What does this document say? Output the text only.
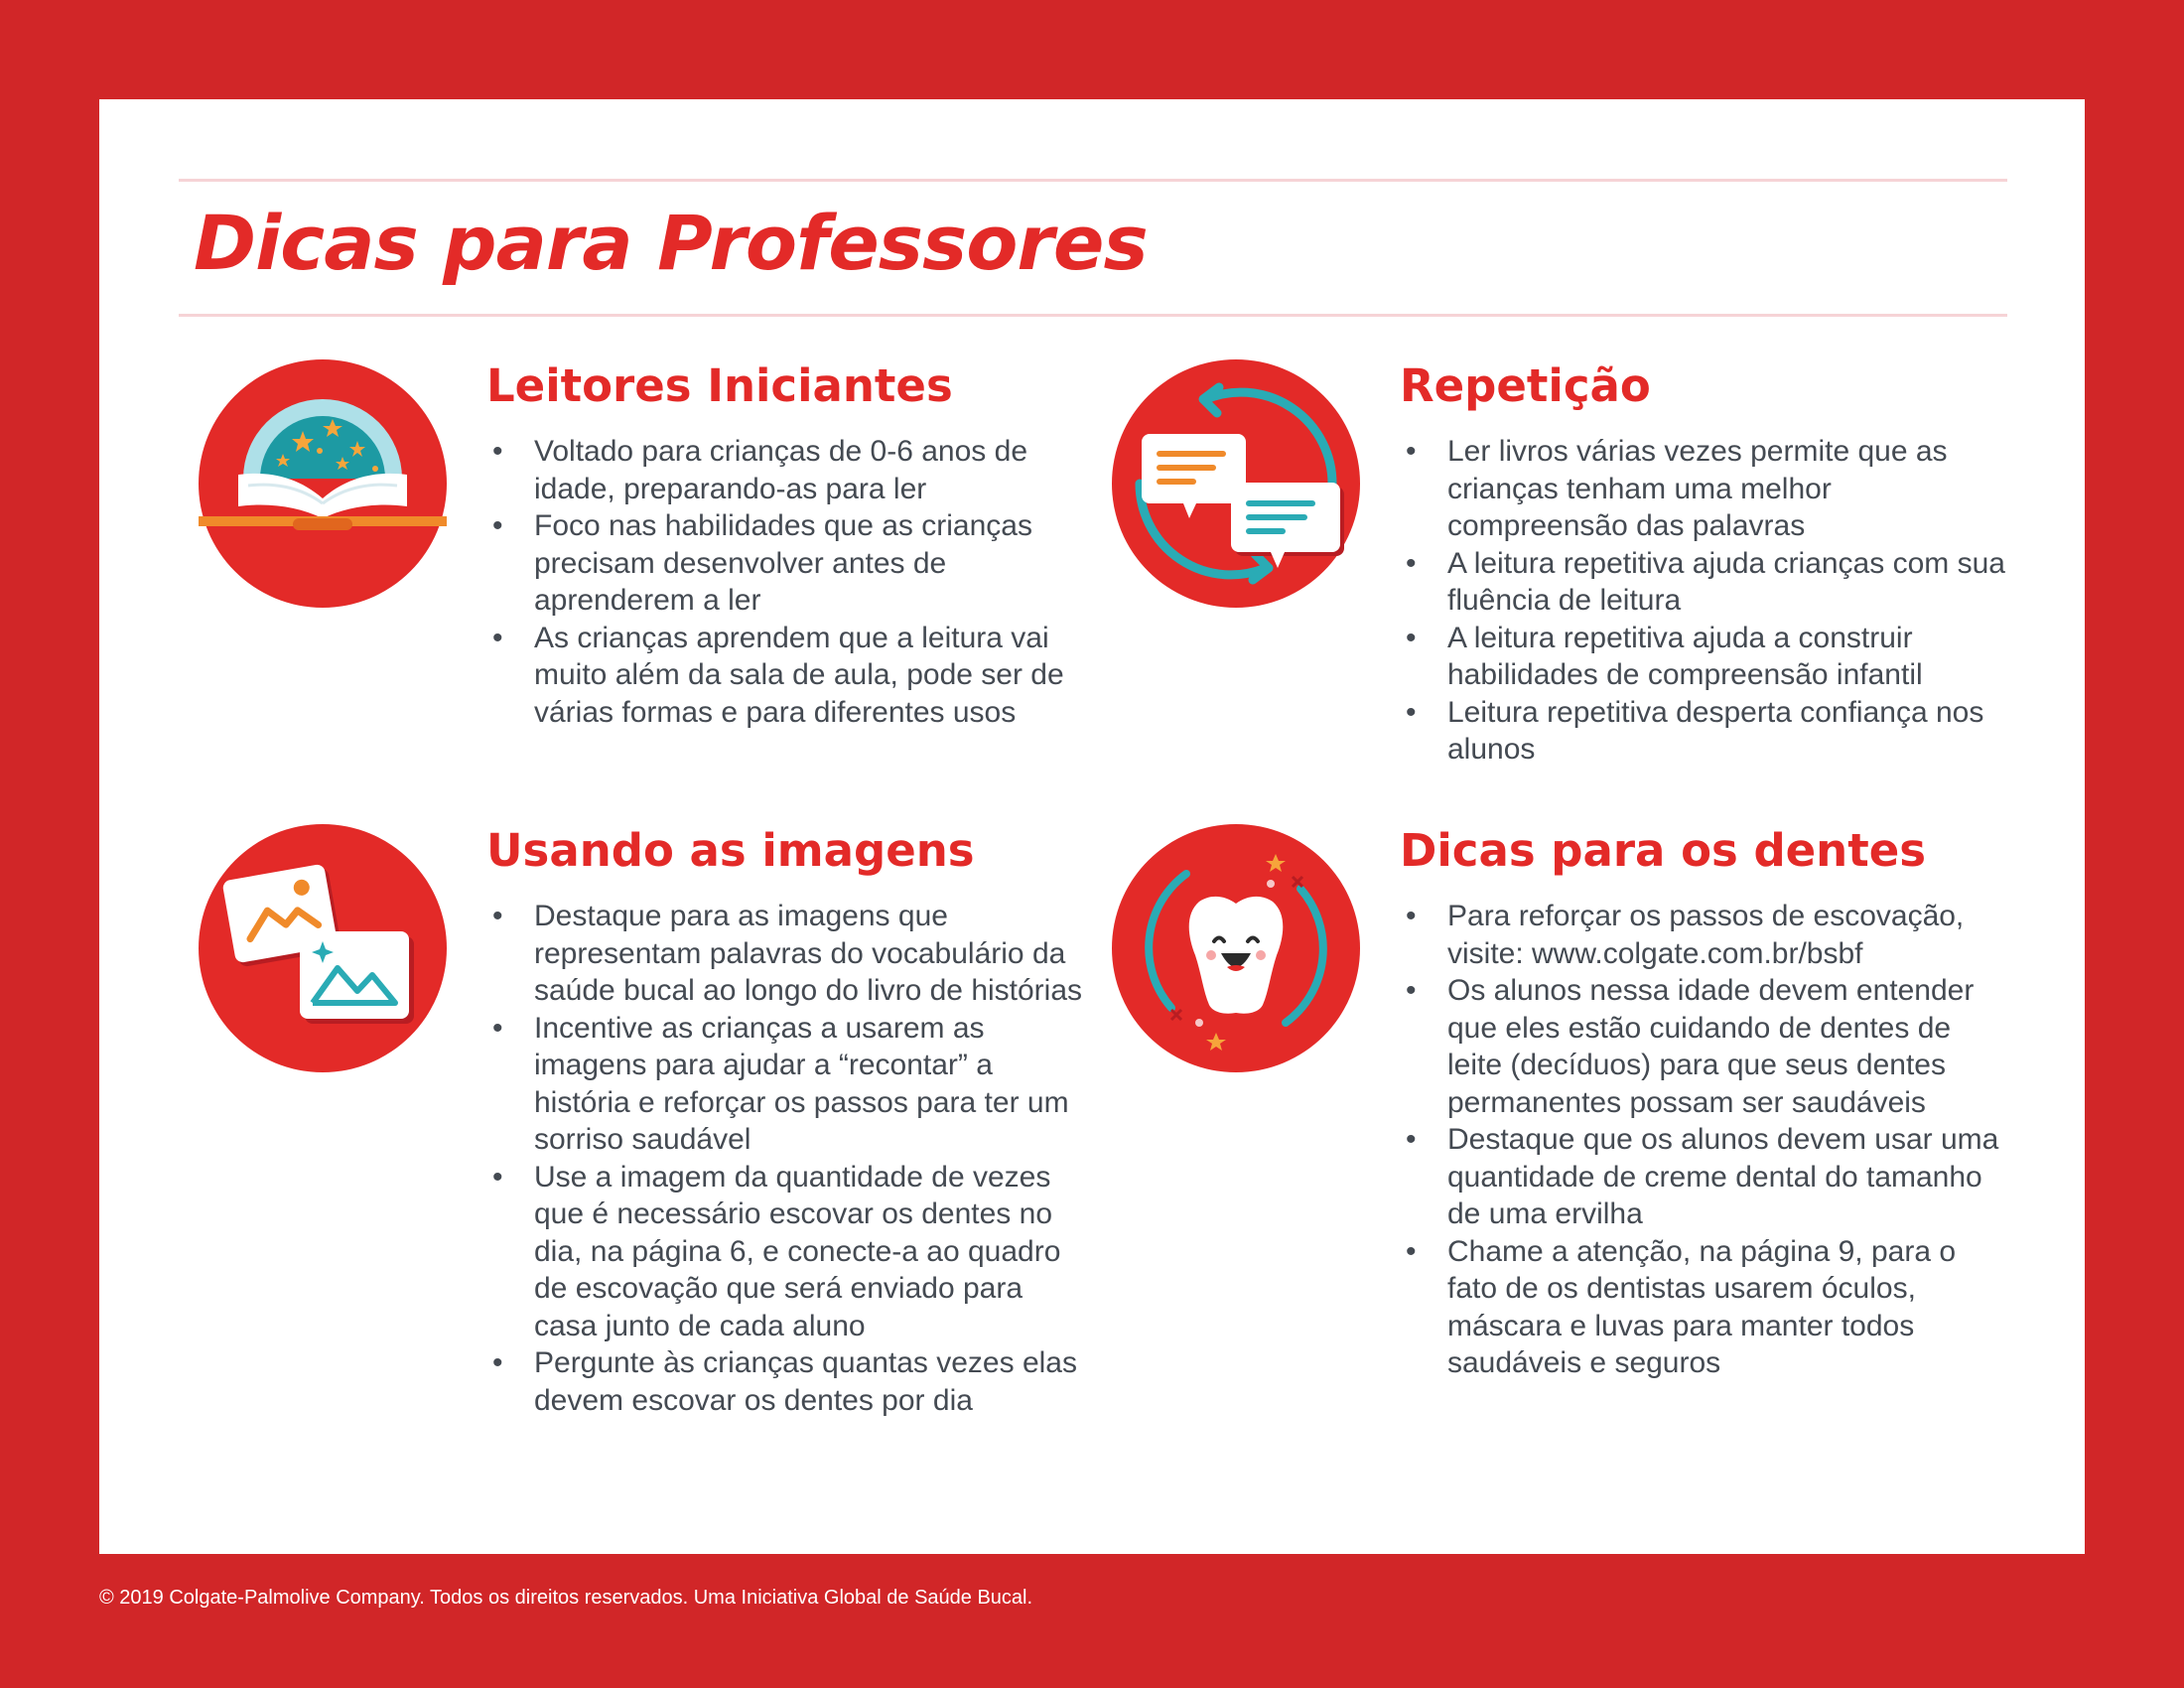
Dicas para Professores
Leitores Iniciantes
• Voltado para crianças de 0-6 anos de idade, preparando-as para ler
• Foco nas habilidades que as crianças precisam desenvolver antes de aprenderem a ler
• As crianças aprendem que a leitura vai muito além da sala de aula, pode ser de várias formas e para diferentes usos
Repetição
• Ler livros várias vezes permite que as crianças tenham uma melhor compreensão das palavras
• A leitura repetitiva ajuda crianças com sua fluência de leitura
• A leitura repetitiva ajuda a construir habilidades de compreensão infantil
• Leitura repetitiva desperta confiança nos alunos
Usando as imagens
• Destaque para as imagens que representam palavras do vocabulário da saúde bucal ao longo do livro de histórias
• Incentive as crianças a usarem as imagens para ajudar a “recontar” a história e reforçar os passos para ter um sorriso saudável
• Use a imagem da quantidade de vezes que é necessário escovar os dentes no dia, na página 6, e conecte-a ao quadro de escovação que será enviado para casa junto de cada aluno
• Pergunte às crianças quantas vezes elas devem escovar os dentes por dia
Dicas para os dentes
• Para reforçar os passos de escovação, visite: www.colgate.com.br/bsbf
• Os alunos nessa idade devem entender que eles estão cuidando de dentes de leite (decíduos) para que seus dentes permanentes possam ser saudáveis
• Destaque que os alunos devem usar uma quantidade de creme dental do tamanho de uma ervilha
• Chame a atenção, na página 9, para o fato de os dentistas usarem óculos, máscara e luvas para manter todos saudáveis e seguros
© 2019 Colgate-Palmolive Company. Todos os direitos reservados. Uma Iniciativa Global de Saúde Bucal.
